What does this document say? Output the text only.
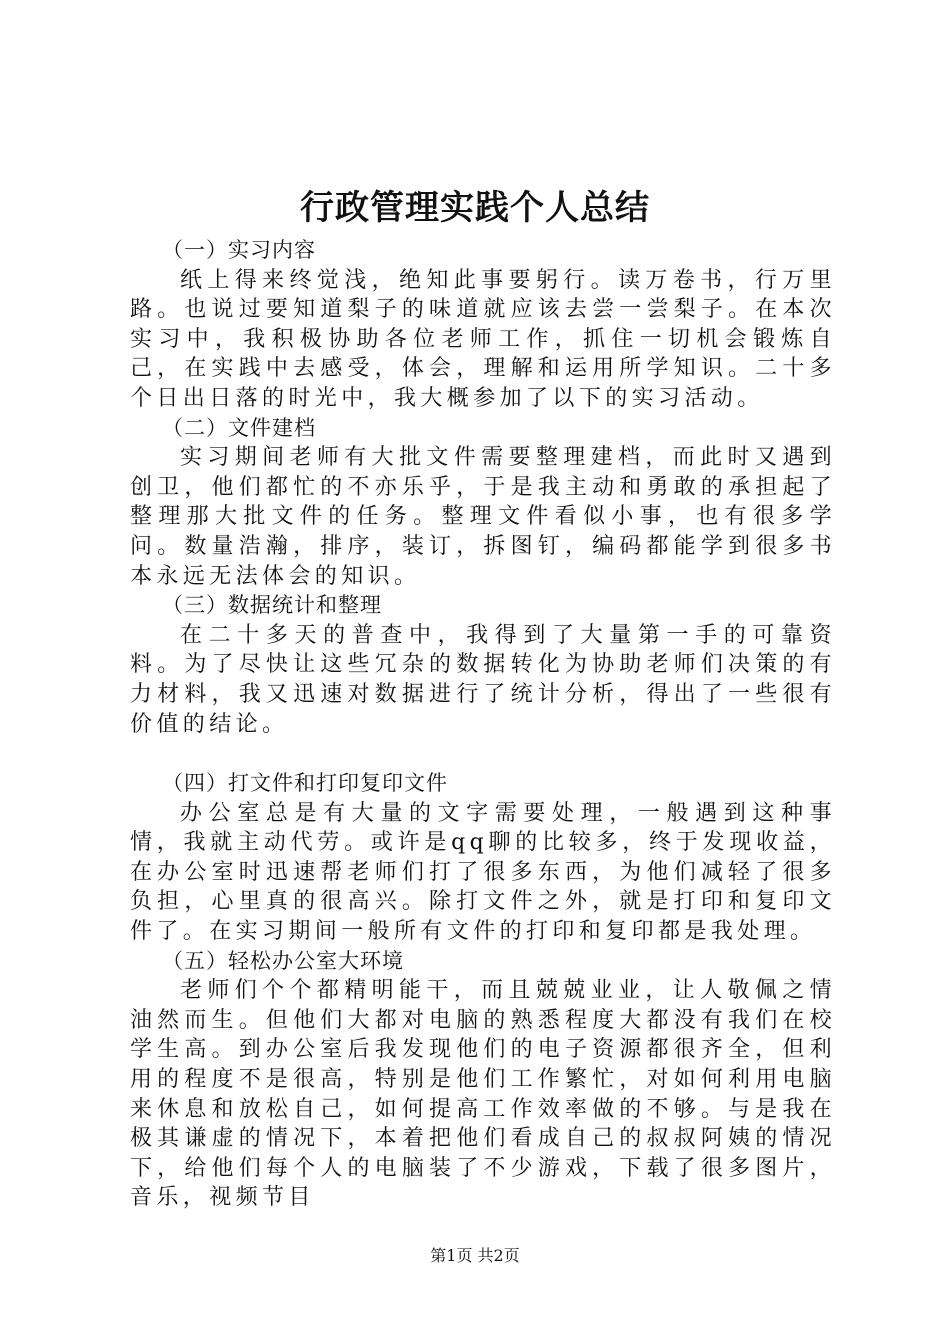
行政管理实践个人总结

（一）实习内容

纸上得来终觉浅，绝知此事要躬行。读万卷书，行万里路。也说过要知道梨子的味道就应该去尝一尝梨子。在本次实习中，我积极协助各位老师工作，抓住一切机会锻炼自己，在实践中去感受，体会，理解和运用所学知识。二十多个日出日落的时光中，我大概参加了以下的实习活动。

（二）文件建档

实习期间老师有大批文件需要整理建档，而此时又遇到创卫，他们都忙的不亦乐乎，于是我主动和勇敢的承担起了整理那大批文件的任务。整理文件看似小事，也有很多学问。数量浩瀚，排序，装订，拆图钉，编码都能学到很多书本永远无法体会的知识。

（三）数据统计和整理

在二十多天的普查中，我得到了大量第一手的可靠资料。为了尽快让这些冗杂的数据转化为协助老师们决策的有力材料，我又迅速对数据进行了统计分析，得出了一些很有价值的结论。

（四）打文件和打印复印文件

办公室总是有大量的文字需要处理，一般遇到这种事情，我就主动代劳。或许是qq聊的比较多，终于发现收益，在办公室时迅速帮老师们打了很多东西，为他们减轻了很多负担，心里真的很高兴。除打文件之外，就是打印和复印文件了。在实习期间一般所有文件的打印和复印都是我处理。

（五）轻松办公室大环境

老师们个个都精明能干，而且兢兢业业，让人敬佩之情油然而生。但他们大都对电脑的熟悉程度大都没有我们在校学生高。到办公室后我发现他们的电子资源都很齐全，但利用的程度不是很高，特别是他们工作繁忙，对如何利用电脑来休息和放松自己，如何提高工作效率做的不够。与是我在极其谦虚的情况下，本着把他们看成自己的叔叔阿姨的情况下，给他们每个人的电脑装了不少游戏，下载了很多图片，音乐，视频节目

第1页 共2页
